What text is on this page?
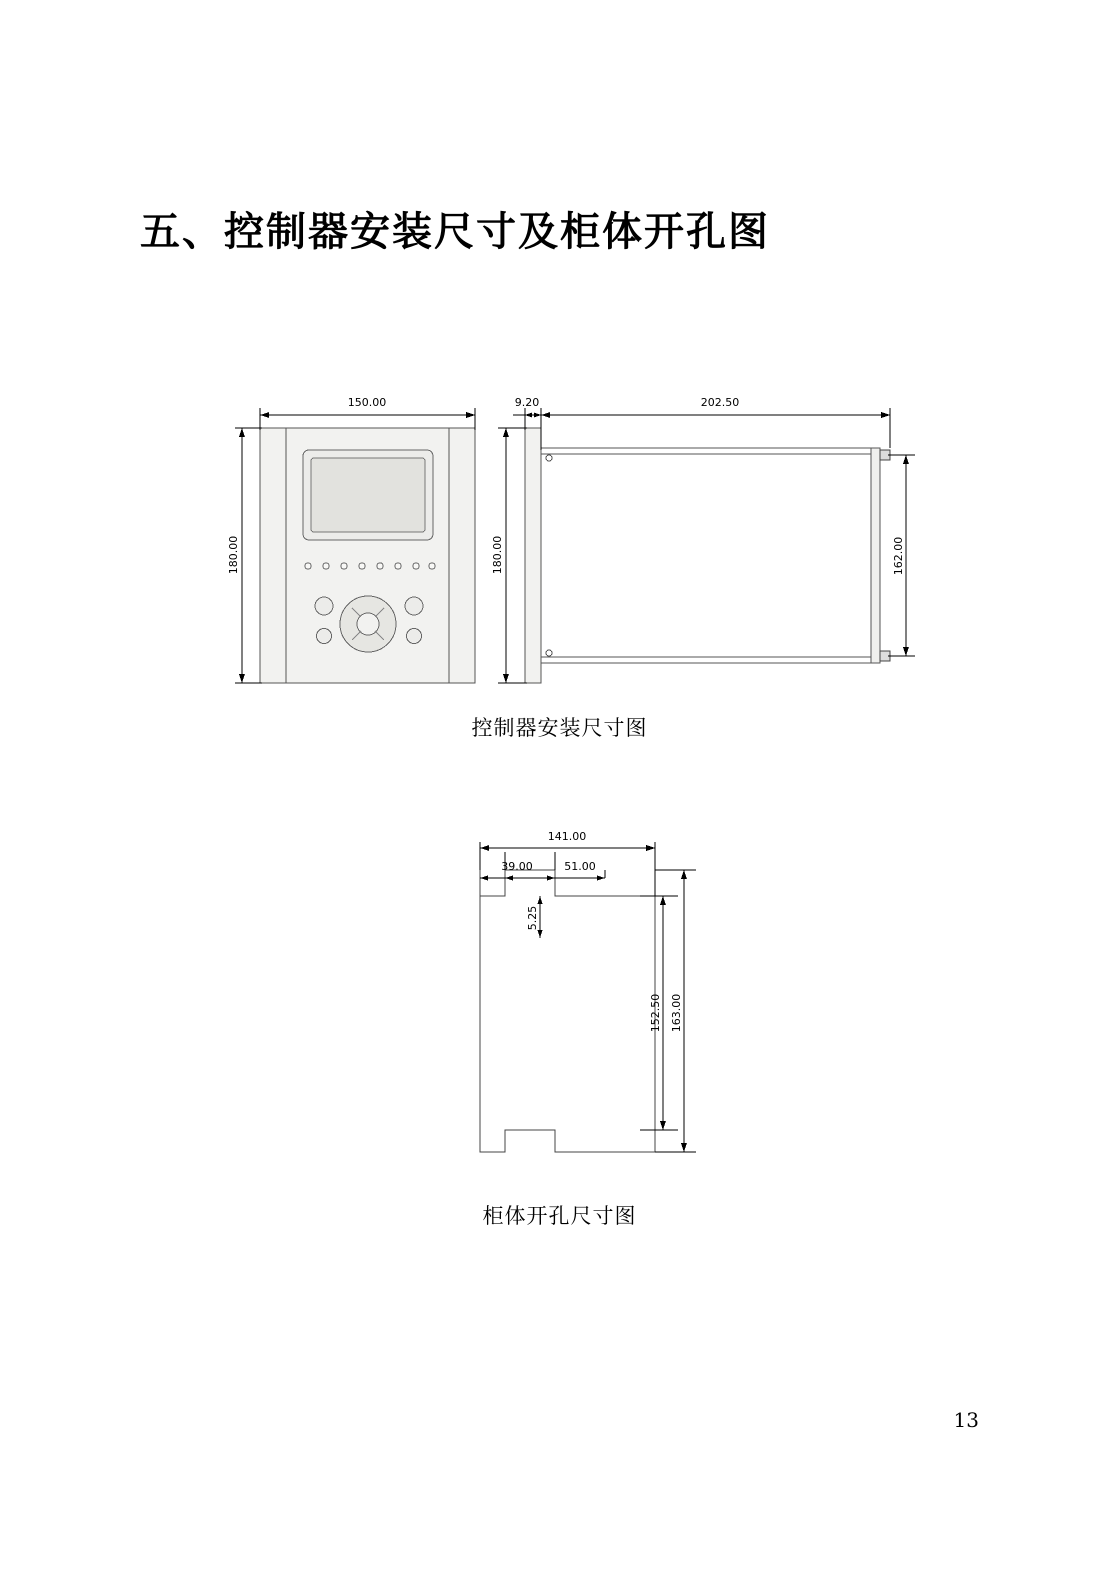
五、控制器安装尺寸及柜体开孔图
150.00
180.00
9.20	202.50
180.00	162.00
控制器安装尺寸图
141.00
39.00	51.00
5.25
152.50 163.00
柜体开孔尺寸图
13
